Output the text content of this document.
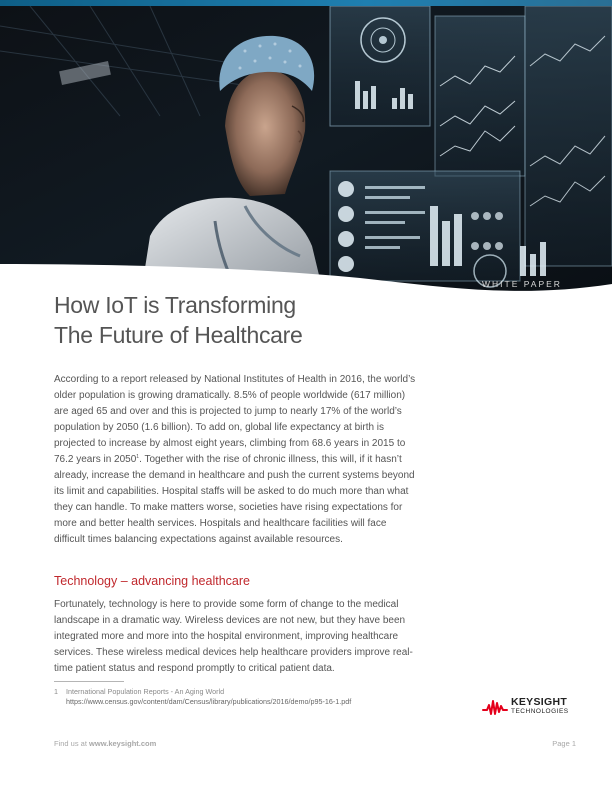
WHITE PAPER
How IoT is Transforming
The Future of Healthcare

According to a report released by National Institutes of Health in 2016, the world’s older population is growing dramatically. 8.5% of people worldwide (617 million) are aged 65 and over and this is projected to jump to nearly 17% of the world’s population by 2050 (1.6 billion). To add on, global life expectancy at birth is projected to increase by almost eight years, climbing from 68.6 years in 2015 to 76.2 years in 2050$^1$. Together with the rise of chronic illness, this will, if it hasn’t already, increase the demand in healthcare and push the current systems beyond its limit and capabilities. Hospital staffs will be asked to do much more than what they can handle. To make matters worse, societies have rising expectations for more and better health services. Hospitals and healthcare facilities will face difficult times balancing expectations against available resources.

Technology – advancing healthcare

Fortunately, technology is here to provide some form of change to the medical landscape in a dramatic way. Wireless devices are not new, but they have been integrated more and more into the hospital environment, improving healthcare services. These wireless medical devices help healthcare providers improve real-time patient status and respond promptly to critical patient data.

1 International Population Reports - An Aging World
https://www.census.gov/content/dam/Census/library/publications/2016/demo/p95-16-1.pdf	KEYSIGHT
TECHNOLOGIES
Find us at www.keysight.com	Page 1
